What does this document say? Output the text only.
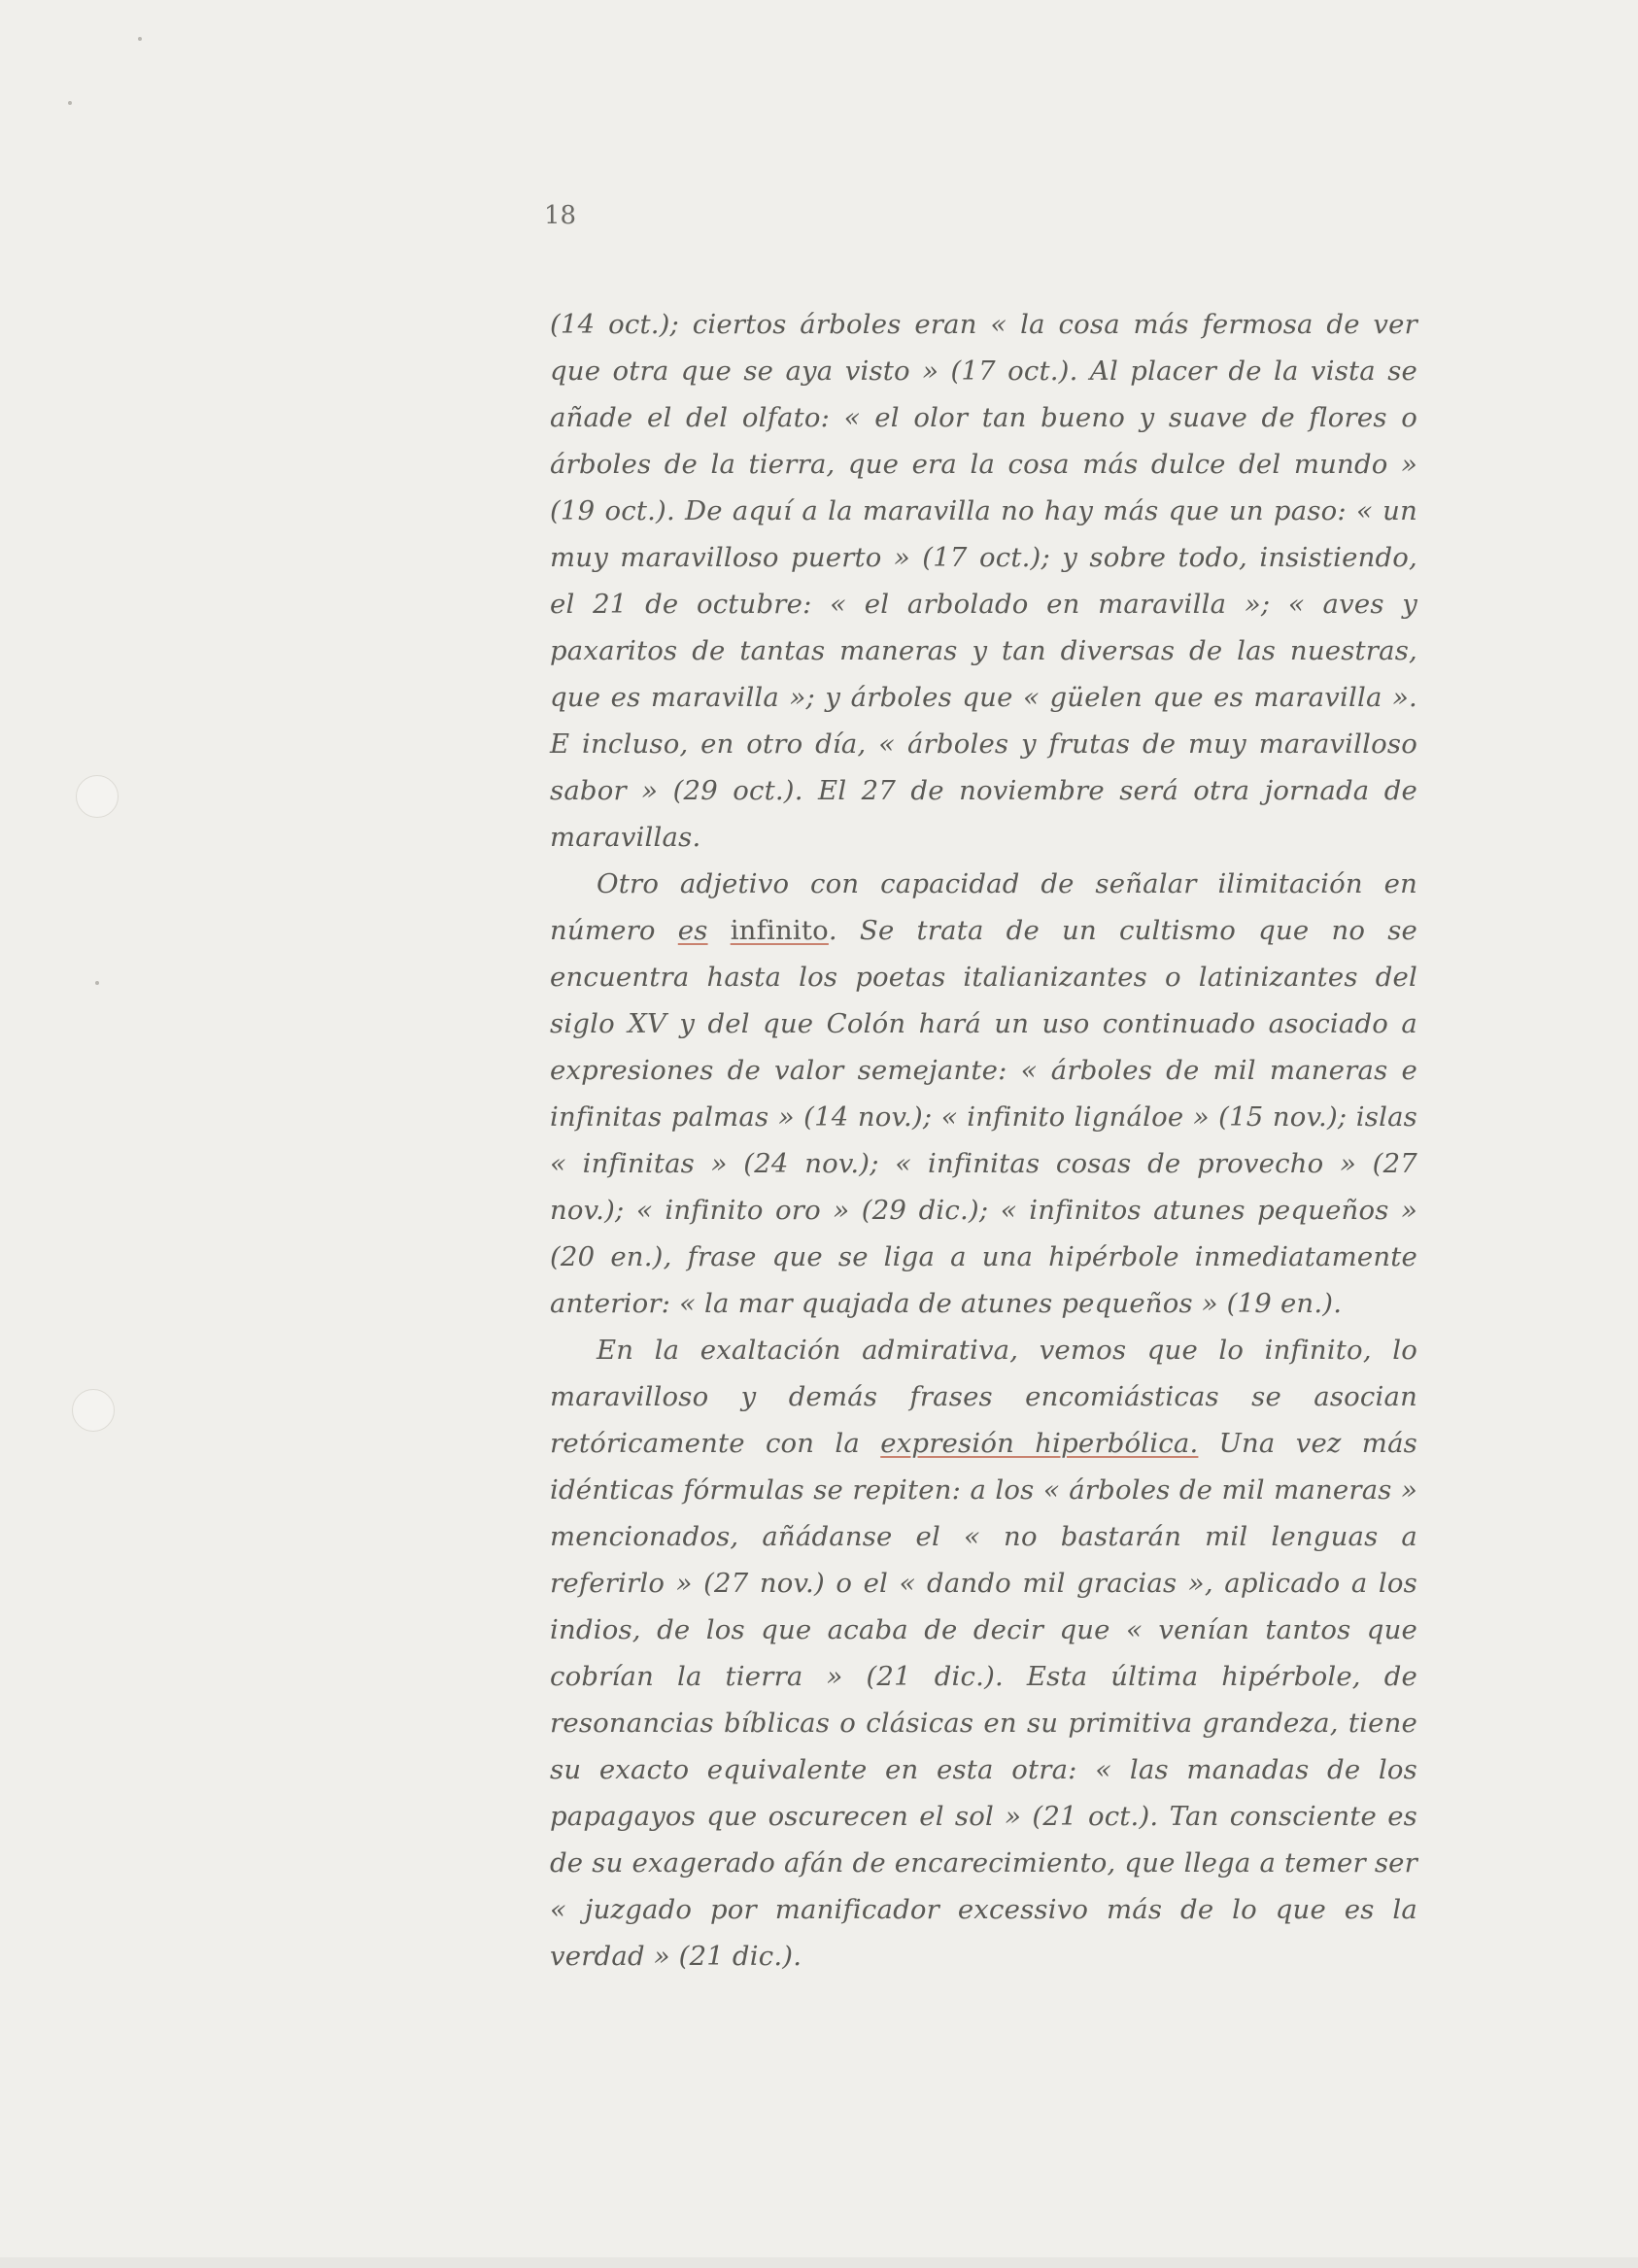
18

(14 oct.); ciertos árboles eran « la cosa más fermosa de ver que otra que se aya visto » (17 oct.). Al placer de la vista se añade el del olfato: « el olor tan bueno y suave de flores o árboles de la tierra, que era la cosa más dulce del mundo » (19 oct.). De aquí a la maravilla no hay más que un paso: « un muy maravilloso puerto » (17 oct.); y sobre todo, insistiendo, el 21 de octubre: « el arbolado en maravilla »; « aves y paxaritos de tantas maneras y tan diversas de las nuestras, que es maravilla »; y árboles que « güelen que es maravilla ». E incluso, en otro día, « árboles y frutas de muy maravilloso sabor » (29 oct.). El 27 de noviembre será otra jornada de maravillas.

Otro adjetivo con capacidad de señalar ilimitación en número es infinito. Se trata de un cultismo que no se encuentra hasta los poetas italianizantes o latinizantes del siglo XV y del que Colón hará un uso continuado asociado a expresiones de valor semejante: « árboles de mil maneras e infinitas palmas » (14 nov.); « infinito lignáloe » (15 nov.); islas « infinitas » (24 nov.); « infinitas cosas de provecho » (27 nov.); « infinito oro » (29 dic.); « infinitos atunes pequeños » (20 en.), frase que se liga a una hipérbole inmediatamente anterior: « la mar quajada de atunes pequeños » (19 en.).

En la exaltación admirativa, vemos que lo infinito, lo maravilloso y demás frases encomiásticas se asocian retóricamente con la expresión hiperbólica. Una vez más idénticas fórmulas se repiten: a los « árboles de mil maneras » mencionados, añádanse el « no bastarán mil lenguas a referirlo » (27 nov.) o el « dando mil gracias », aplicado a los indios, de los que acaba de decir que « venían tantos que cobrían la tierra » (21 dic.). Esta última hipérbole, de resonancias bíblicas o clásicas en su primitiva grandeza, tiene su exacto equivalente en esta otra: « las manadas de los papagayos que oscurecen el sol » (21 oct.). Tan consciente es de su exagerado afán de encarecimiento, que llega a temer ser « juzgado por manificador excessivo más de lo que es la verdad » (21 dic.).
